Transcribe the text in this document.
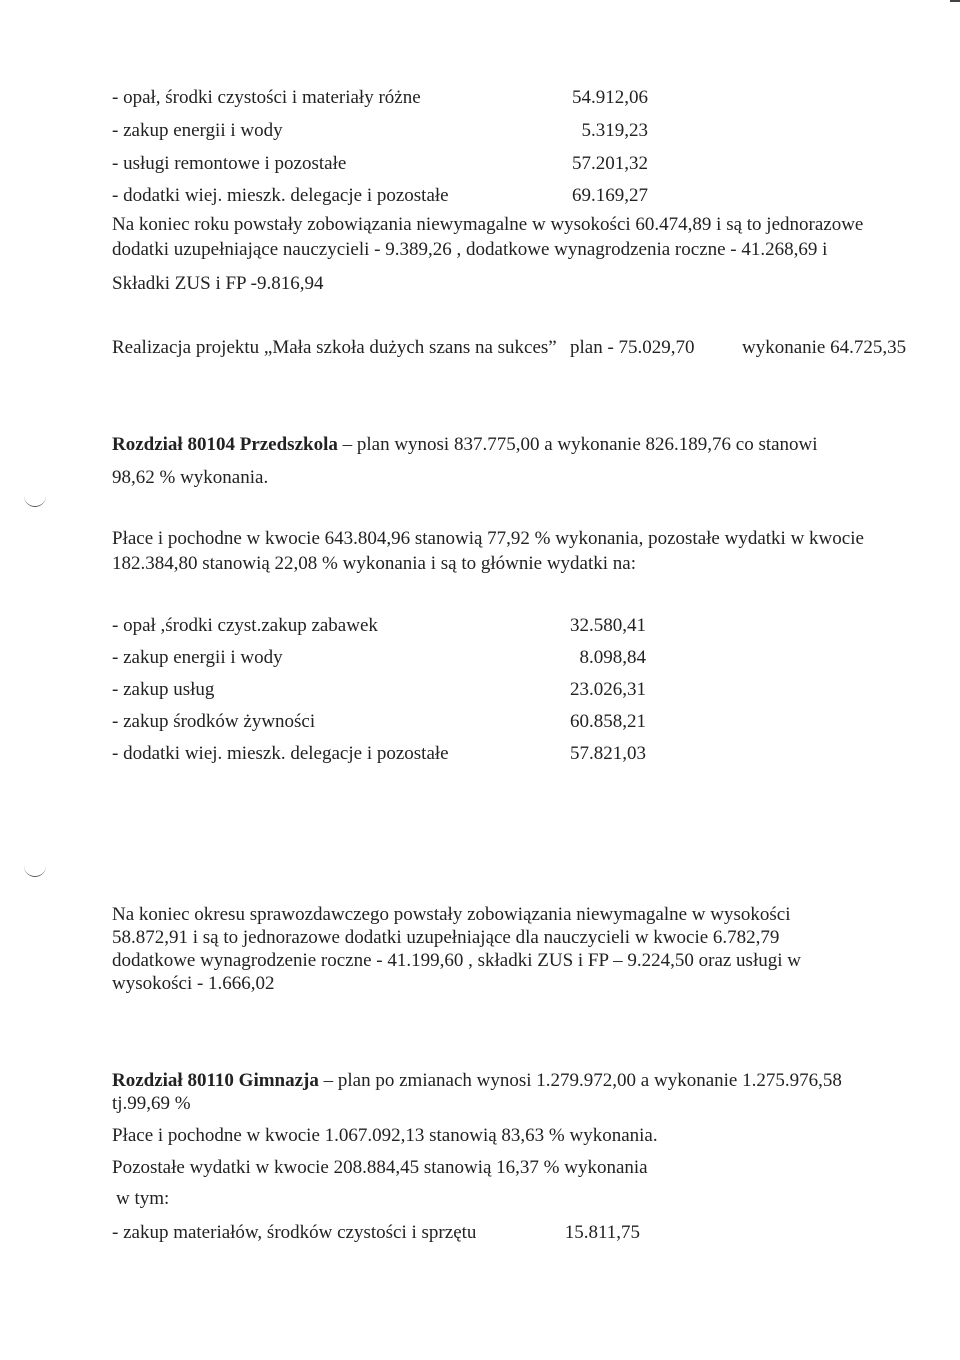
- opał, środki czystości i materiały różne	54.912,06
- zakup energii i wody	5.319,23
- usługi remontowe i pozostałe	57.201,32
- dodatki wiej. mieszk. delegacje i pozostałe	69.169,27
Na koniec roku powstały zobowiązania niewymagalne w wysokości 60.474,89 i są to jednorazowe
dodatki uzupełniające nauczycieli - 9.389,26 , dodatkowe wynagrodzenia roczne - 41.268,69 i
Składki ZUS i FP -9.816,94
Realizacja projektu „Mała szkoła dużych szans na sukces” plan - 75.029,70 wykonanie 64.725,35
Rozdział 80104 Przedszkola – plan wynosi 837.775,00 a wykonanie 826.189,76 co stanowi
98,62 % wykonania.
Płace i pochodne w kwocie 643.804,96 stanowią 77,92 % wykonania, pozostałe wydatki w kwocie
182.384,80 stanowią 22,08 % wykonania i są to głównie wydatki na:
- opał ,środki czyst.zakup zabawek	32.580,41
- zakup energii i wody	8.098,84
- zakup usług	23.026,31
- zakup środków żywności	60.858,21
- dodatki wiej. mieszk. delegacje i pozostałe	57.821,03
Na koniec okresu sprawozdawczego powstały zobowiązania niewymagalne w wysokości
58.872,91 i są to jednorazowe dodatki uzupełniające dla nauczycieli w kwocie 6.782,79
dodatkowe wynagrodzenie roczne - 41.199,60 , składki ZUS i FP – 9.224,50 oraz usługi w
wysokości - 1.666,02
Rozdział 80110 Gimnazja – plan po zmianach wynosi 1.279.972,00 a wykonanie 1.275.976,58
tj.99,69 %
Płace i pochodne w kwocie 1.067.092,13 stanowią 83,63 % wykonania.
Pozostałe wydatki w kwocie 208.884,45 stanowią 16,37 % wykonania
w tym:
- zakup materiałów, środków czystości i sprzętu	15.811,75
